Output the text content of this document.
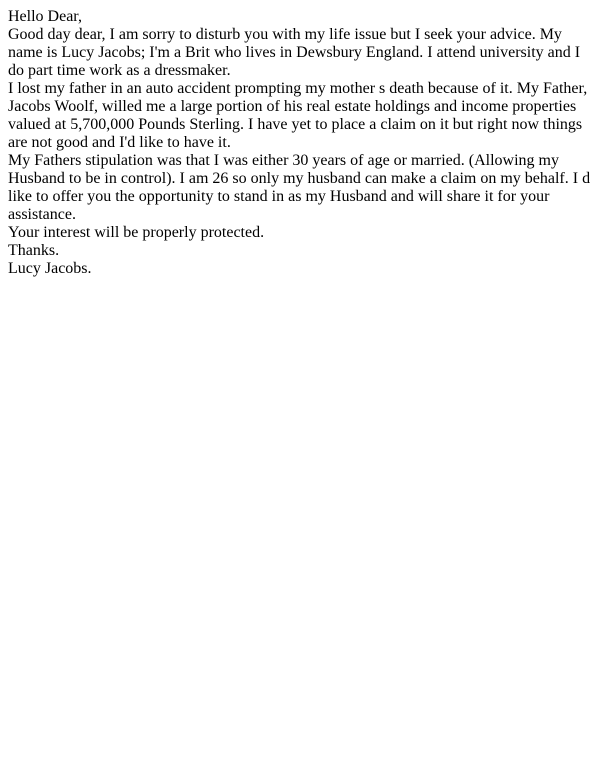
Hello Dear,

Good day dear, I am sorry to disturb you with my life issue but I seek your advice. My

name is Lucy Jacobs; I'm a Brit who lives in Dewsbury England. I attend university and I

do part time work as a dressmaker.

I lost my father in an auto accident prompting my mother s death because of it. My Father,

Jacobs Woolf, willed me a large portion of his real estate holdings and income properties

valued at 5,700,000 Pounds Sterling. I have yet to place a claim on it but right now things

are not good and I'd like to have it.

My Fathers stipulation was that I was either 30 years of age or married. (Allowing my

Husband to be in control). I am 26 so only my husband can make a claim on my behalf. I d

like to offer you the opportunity to stand in as my Husband and will share it for your

assistance.

Your interest will be properly protected.

Thanks.

Lucy Jacobs.
